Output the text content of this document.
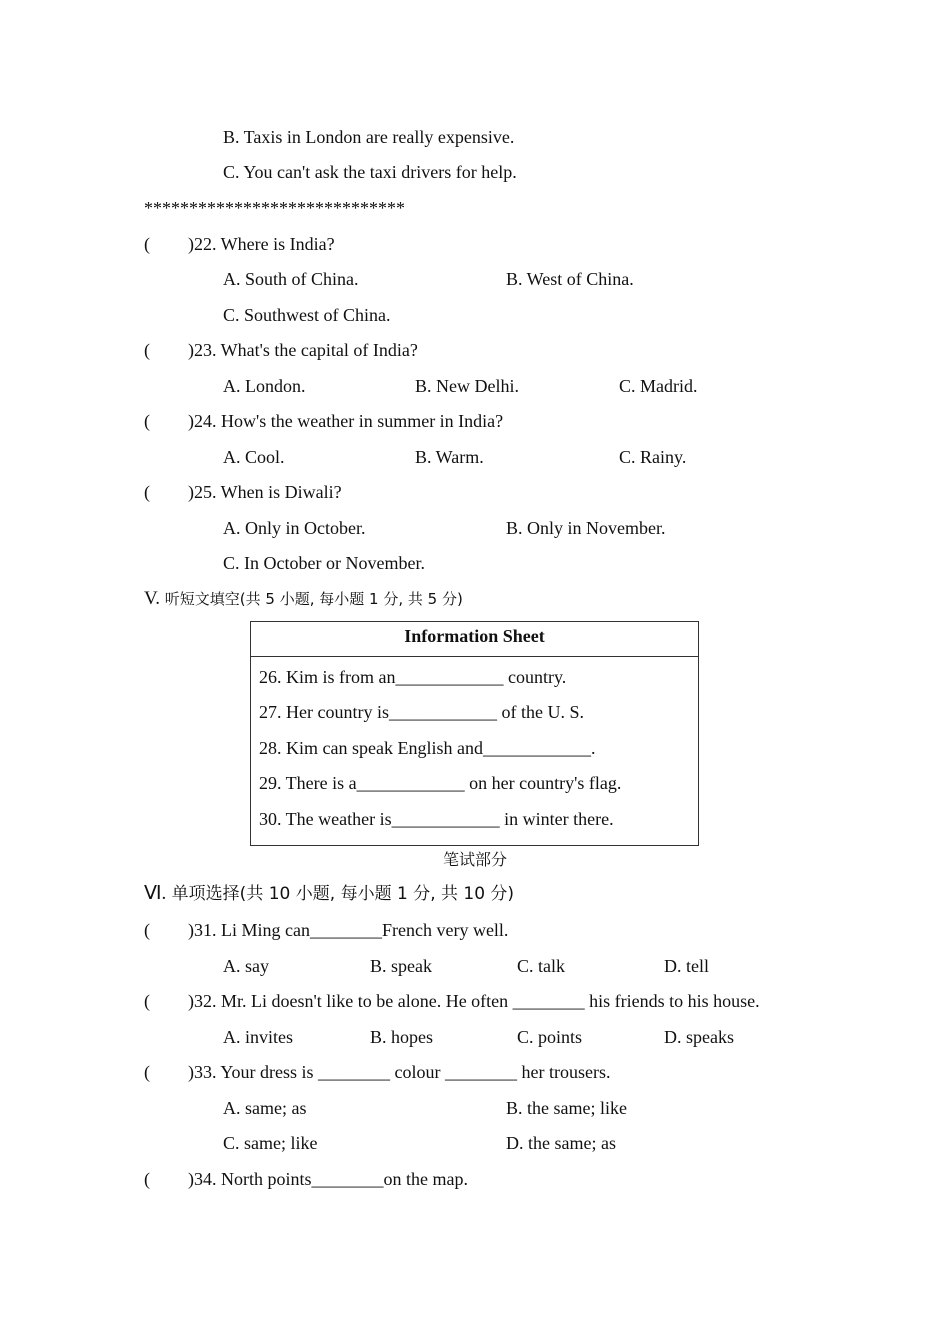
B. Taxis in London are really expensive.
C. You can't ask the taxi drivers for help.
*****************************
( )22. Where is India?
A. South of China.	B. West of China.
C. Southwest of China.
( )23. What's the capital of India?
A. London.	B. New Delhi.	C. Madrid.
( )24. How's the weather in summer in India?
A. Cool.	B. Warm.	C. Rainy.
( )25. When is Diwali?
A. Only in October.	B. Only in November.
C. In October or November.
V. 听短文填空(共 5 小题, 每小题 1 分, 共 5 分)
Information Sheet
26. Kim is from an____________ country.
27. Her country is____________ of the U. S.
28. Kim can speak English and____________.
29. There is a____________ on her country's flag.
30. The weather is____________ in winter there.
笔试部分
Ⅵ. 单项选择(共 10 小题, 每小题 1 分, 共 10 分)
( )31. Li Ming can________French very well.
A. say	B. speak	C. talk	D. tell
( )32. Mr. Li doesn't like to be alone. He often ________ his friends to his house.
A. invites	B. hopes	C. points	D. speaks
( )33. Your dress is ________ colour ________ her trousers.
A. same; as	B. the same; like
C. same; like	D. the same; as
( )34. North points________on the map.
